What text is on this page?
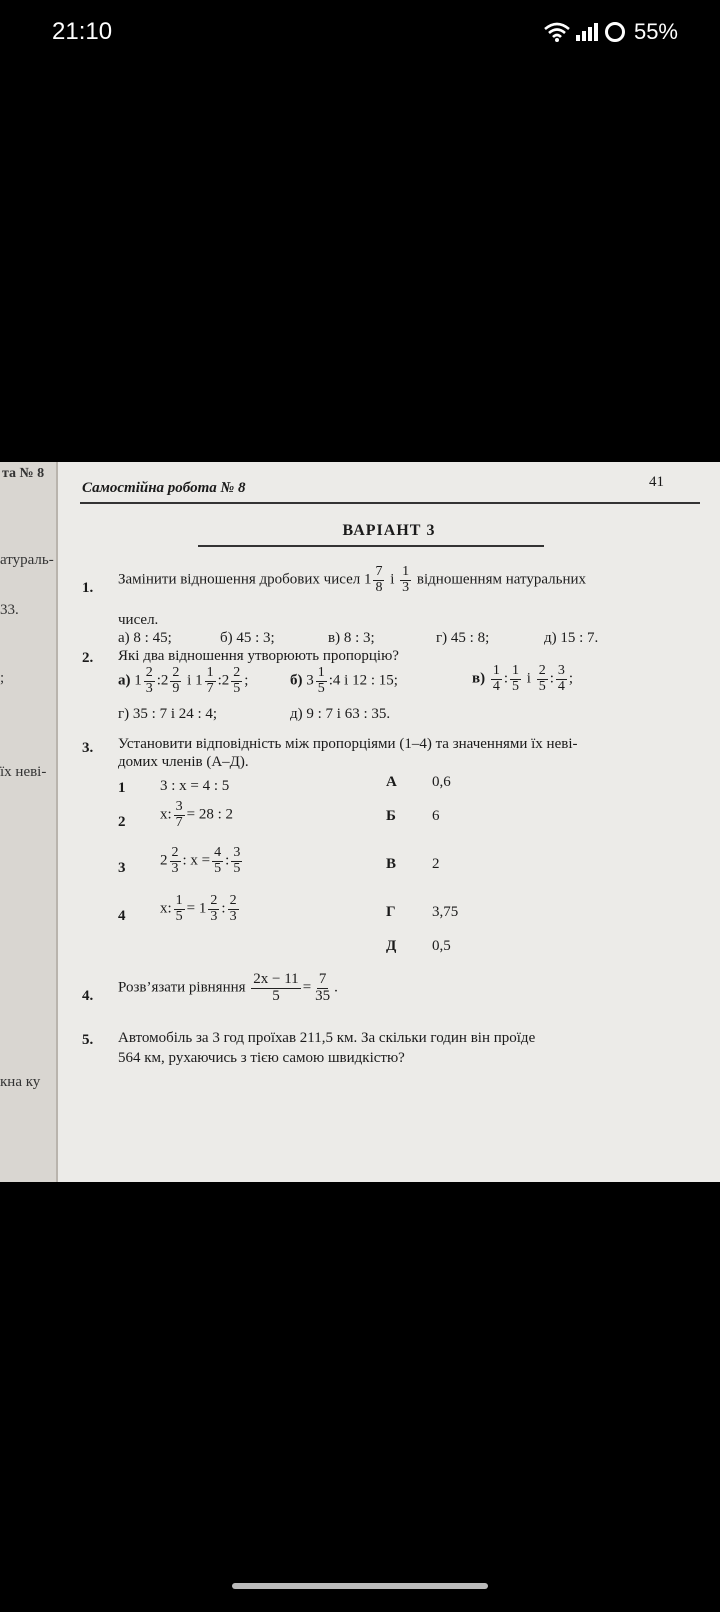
21:10	55%
та № 8
атураль-
33.
;
їх неві-
кна ку
Самостійна робота № 8	41
ВАРІАНТ 3
1.
Замінити відношення дробових чисел $1 \frac{7}{8}$ і $\frac{1}{3}$ відношенням натуральних
чисел.
а) 8 : 45;	б) 45 : 3;	в) 8 : 3;	г) 45 : 8;	д) 15 : 7.
2. Які два відношення утворюють пропорцію?
а) $1 \frac{2}{3}$ :2 $\frac{2}{9}$ і $1 \frac{1}{7}$ :2 $\frac{2}{5}$ ;	б) $3 \frac{1}{5}$ :4 і 12 : 15;	$в) \frac{1}{4}$ : $\frac{1}{5}$ і $\frac{2}{5}$ : $\frac{3}{4}$ ;
г) 35 : 7 і 24 : 4;	д) 9 : 7 і 63 : 35.
3. Установити відповідність між пропорціями (1–4) та значеннями їх неві-
домих членів (А–Д).
1 3 : x = 4 : 5
2 x: $\frac{3}{7} = 28$ : 2
3 $2 \frac{2}{3}$ : $x = \frac{4}{5}$ : $\frac{3}{5}$
4 x: $\frac{1}{5} = 1 \frac{2}{3}$ : $\frac{2}{3}$
А 0,6
Б 6
В 2
Г 3,75
Д 0,5
4.
Розв’язати рівняння $\frac{2x - 11}{5} = \frac{7}{35}$ .
5. Автомобіль за 3 год проїхав 211,5 км. За скільки годин він проїде
564 км, рухаючись з тією самою швидкістю?
